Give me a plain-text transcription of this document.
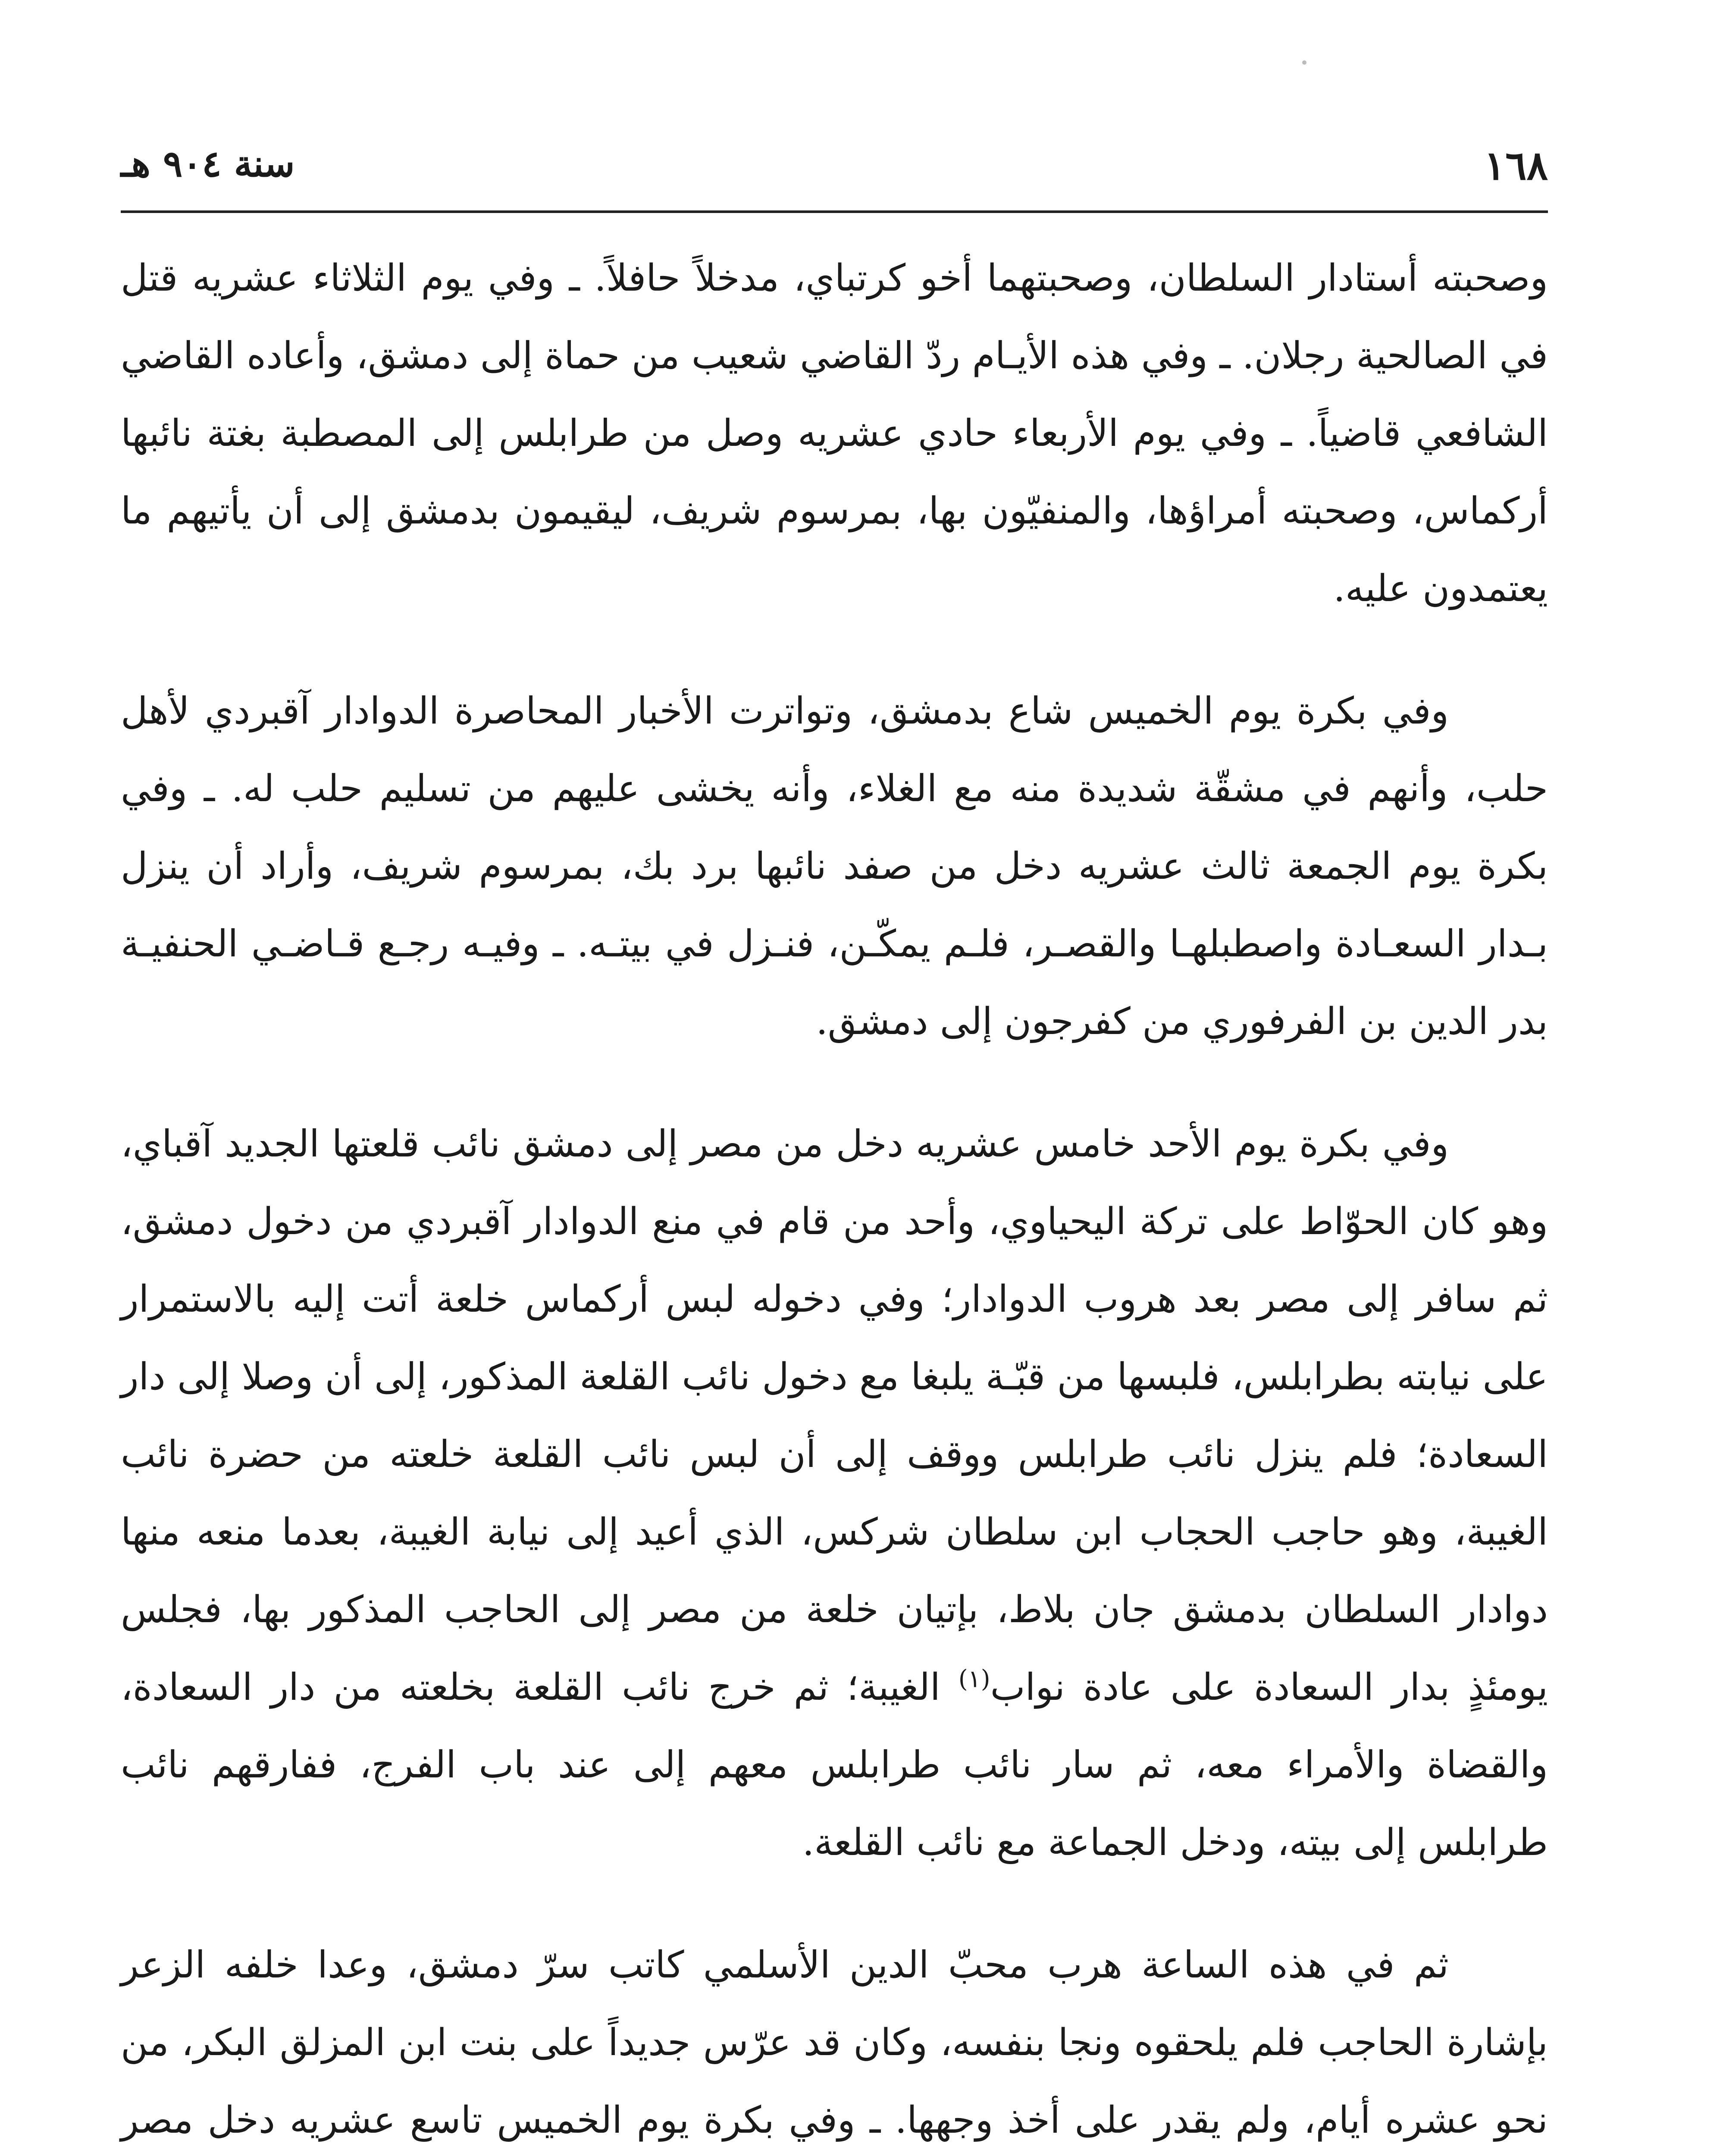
١٦٨
سنة ٩٠٤ هـ

وصحبته أستادار السلطان، وصحبتهما أخو كرتباي، مدخلاً حافلاً. ـ وفي يوم الثلاثاء عشريه قتل في الصالحية رجلان. ـ وفي هذه الأيـام ردّ القاضي شعيب من حماة إلى دمشق، وأعاده القاضي الشافعي قاضياً. ـ وفي يوم الأربعاء حادي عشريه وصل من طرابلس إلى المصطبة بغتة نائبها أركماس، وصحبته أمراؤها، والمنفيّون بها، بمرسوم شريف، ليقيمون بدمشق إلى أن يأتيهم ما يعتمدون عليه.

وفي بكرة يوم الخميس شاع بدمشق، وتواترت الأخبار المحاصرة الدوادار آقبردي لأهل حلب، وأنهم في مشقّة شديدة منه مع الغلاء، وأنه يخشى عليهم من تسليم حلب له. ـ وفي بكرة يوم الجمعة ثالث عشريه دخل من صفد نائبها برد بك، بمرسوم شريف، وأراد أن ينزل بـدار السعـادة واصطبلهـا والقصـر، فلـم يمكّـن، فنـزل في بيتـه. ـ وفيـه رجـع قـاضـي الحنفيـة بدر الدين بن الفرفوري من كفرجون إلى دمشق.

وفي بكرة يوم الأحد خامس عشريه دخل من مصر إلى دمشق نائب قلعتها الجديد آقباي، وهو كان الحوّاط على تركة اليحياوي، وأحد من قام في منع الدوادار آقبردي من دخول دمشق، ثم سافر إلى مصر بعد هروب الدوادار؛ وفي دخوله لبس أركماس خلعة أتت إليه بالاستمرار على نيابته بطرابلس، فلبسها من قبّـة يلبغا مع دخول نائب القلعة المذكور، إلى أن وصلا إلى دار السعادة؛ فلم ينزل نائب طرابلس ووقف إلى أن لبس نائب القلعة خلعته من حضرة نائب الغيبة، وهو حاجب الحجاب ابن سلطان شركس، الذي أعيد إلى نيابة الغيبة، بعدما منعه منها دوادار السلطان بدمشق جان بلاط، بإتيان خلعة من مصر إلى الحاجب المذكور بها، فجلس يومئذٍ بدار السعادة على عادة نواب$^{(١)}$ الغيبة؛ ثم خرج نائب القلعة بخلعته من دار السعادة، والقضاة والأمراء معه، ثم سار نائب طرابلس معهم إلى عند باب الفرج، ففارقهم نائب طرابلس إلى بيته، ودخل الجماعة مع نائب القلعة.

ثم في هذه الساعة هرب محبّ الدين الأسلمي كاتب سرّ دمشق، وعدا خلفه الزعر بإشارة الحاجب فلم يلحقوه ونجا بنفسه، وكان قد عرّس جديداً على بنت ابن المزلق البكر، من نحو عشره أيام، ولم يقدر على أخذ وجهها. ـ وفي بكرة يوم الخميس تاسع عشريه دخل مصر
